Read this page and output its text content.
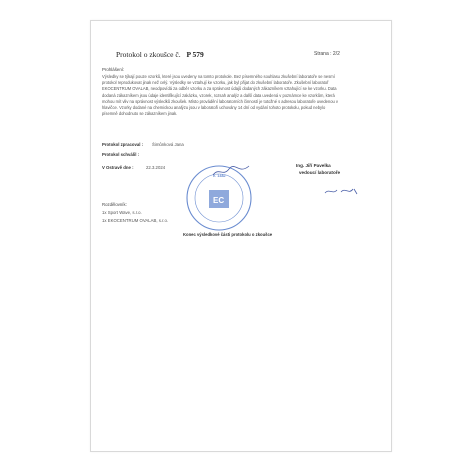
Protokol o zkoušce č. P 579	Strana : 2/2
Prohlášení:
Výsledky se týkají pouze vzorků, které jsou uvedeny na tomto protokole. Bez písemného souhlasu zkušební laboratoře se nesmí protokol reprodukovat jinak než celý. Výsledky se vztahují ke vzorku, jak byl přijat do zkušební laboratoře. Zkušební laboratoř EKOCENTRUM OVALAB, neodpovídá za odběr vzorku a za správnost údajů dodaných zákazníkem vztahující se ke vzorku. Data dodaná zákazníkem jsou údaje identifikující zakázku, vzorek, rozsah analýz a další data uvedená v poznámce ke vzorkům, která mohou mít vliv na správnost výsledků zkoušek. Místo provádění laboratorních činností je totožné s adresou laboratoře uvedenou v hlavičce. Vzorky dodané na chemickou analýzu jsou v laboratoři uchovány 14 dní od vydání tohoto protokolu, pokud nebylo písemně dohodnuto se zákazníkem jinak.
Protokol zpracoval : Šimůnková Jana
Protokol schválil :
V Ostravě dne :	22.3.2024
EC
č. 1482
Ing. Jiří Pavelka
vedoucí laboratoře
Rozdělovník:
1x Sport Wave, s.r.o.
1x EKOCENTRUM OVALAB, s.r.o.
Konec výsledkové části protokolu o zkoušce
